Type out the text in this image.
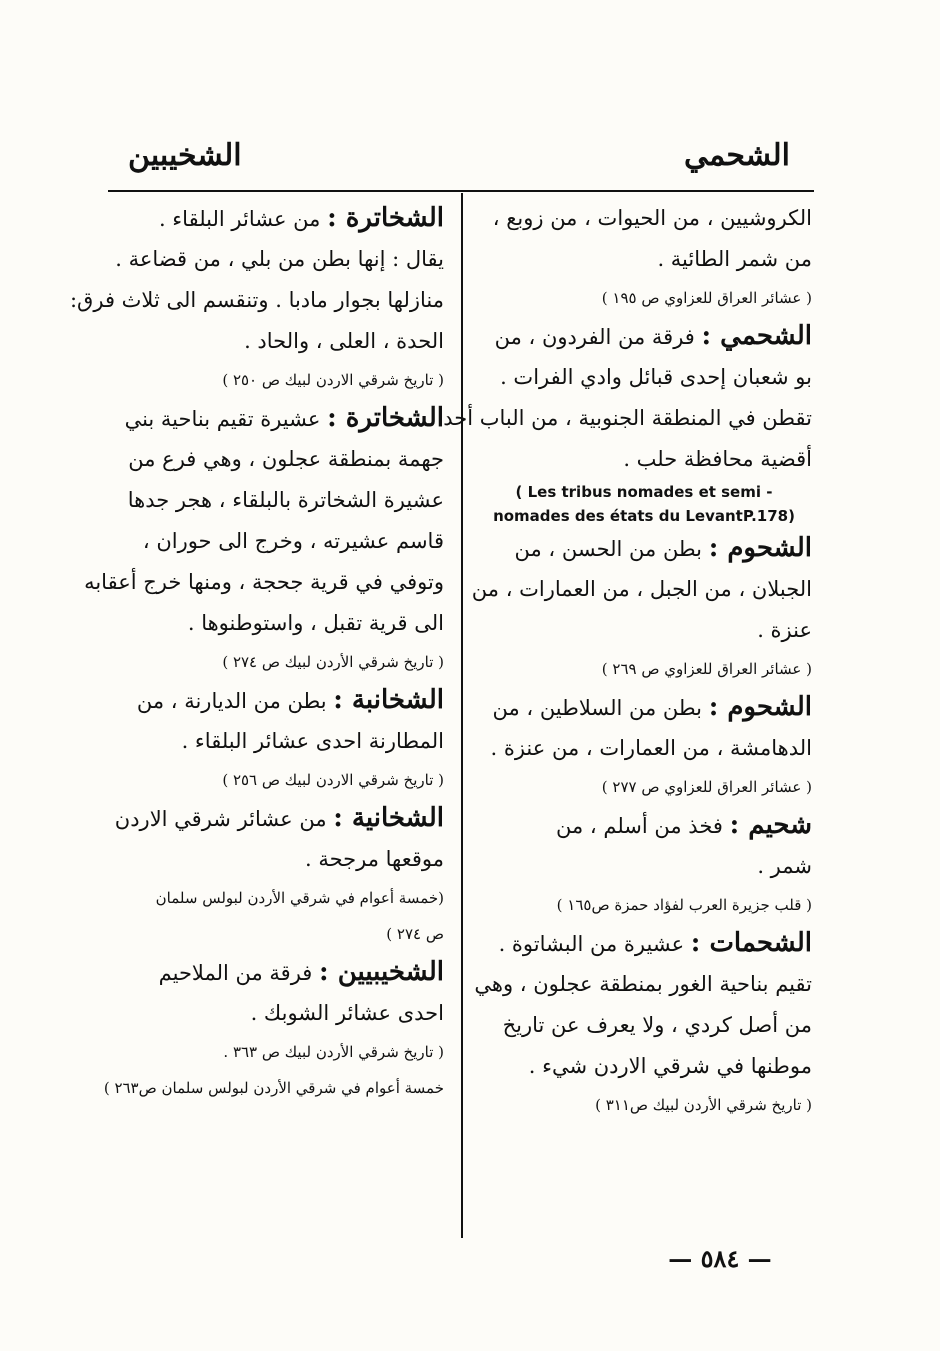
الشحمي
الشخيبين
الكروشيين ، من الحيوات ، من زوبع ،
من شمر الطائية .
( عشائر العراق للعزاوي ص ١٩٥ )
الشحمي : فرقة من الفردون ، من
بو شعبان إحدى قبائل وادي الفرات .
تقطن في المنطقة الجنوبية ، من الباب أحد
أقضية محافظة حلب .
( Les tribus nomades et semi -
nomades des états du LevantP.178)
الشحوم : بطن من الحسن ، من
الجبلان ، من الجبل ، من العمارات ، من
عنزة .
( عشائر العراق للعزاوي ص ٢٦٩ )
الشحوم : بطن من السلاطين ، من
الدهامشة ، من العمارات ، من عنزة .
( عشائر العراق للعزاوي ص ٢٧٧ )
شحيم : فخذ من أسلم ، من
شمر .
( قلب جزيرة العرب لفؤاد حمزة ص١٦٥ )
الشحمات : عشيرة من البشاتوة .
تقيم بناحية الغور بمنطقة عجلون ، وهي
من أصل كردي ، ولا يعرف عن تاريخ
موطنها في شرقي الاردن شيء .
( تاريخ شرقي الأردن لبيك ص٣١١ )
الشخاترة : من عشائر البلقاء .
يقال : إنها بطن من بلي ، من قضاعة .
منازلها بجوار مادبا . وتنقسم الى ثلاث فرق:
الحدة ، العلى ، والحاد .
( تاريخ شرقي الاردن لبيك ص ٢٥٠ )
الشخاترة : عشيرة تقيم بناحية بني
جهمة بمنطقة عجلون ، وهي فرع من
عشيرة الشخاترة بالبلقاء ، هجر جدها
قاسم عشيرته ، وخرج الى حوران ،
وتوفي في قرية جحجة ، ومنها خرج أعقابه
الى قرية تقبل ، واستوطنوها .
( تاريخ شرقي الأردن لبيك ص ٢٧٤ )
الشخانبة : بطن من الديارنة ، من
المطارنة احدى عشائر البلقاء .
( تاريخ شرقي الاردن لبيك ص ٢٥٦ )
الشخانية : من عشائر شرقي الاردن
موقعها مرجحة .
(خمسة أعوام في شرقي الأردن لبولس سلمان
ص ٢٧٤ )
الشخيبيين : فرقة من الملاحيم
احدى عشائر الشوبك .
( تاريخ شرقي الأردن لبيك ص ٣٦٣ .
خمسة أعوام في شرقي الأردن لبولس سلمان ص٢٦٣ )
— ٥٨٤ —
